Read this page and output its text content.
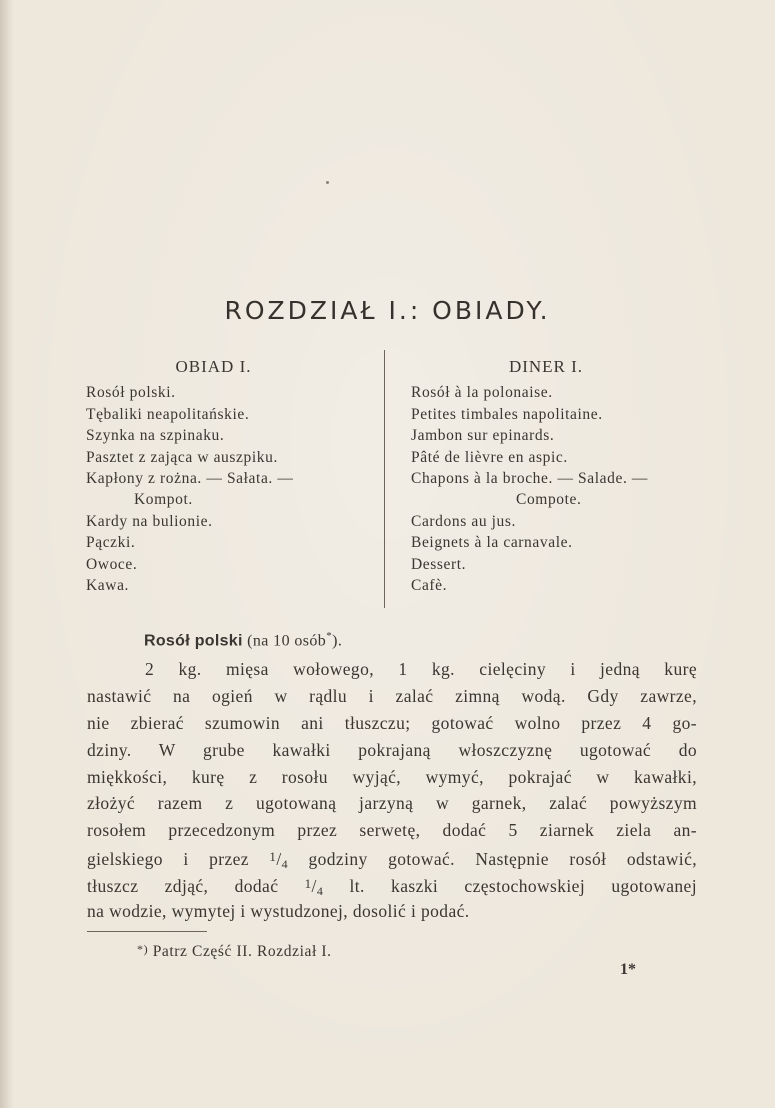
ROZDZIAŁ I.: OBIADY.
OBIAD I.
Rosół polski.
Tębaliki neapolitańskie.
Szynka na szpinaku.
Pasztet z zająca w auszpiku.
Kapłony z rożna. — Sałata. —
Kompot.
Kardy na bulionie.
Pączki.
Owoce.
Kawa.
DINER I.
Rosół à la polonaise.
Petites timbales napolitaine.
Jambon sur epinards.
Pâté de lièvre en aspic.
Chapons à la broche. — Salade. —
Compote.
Cardons au jus.
Beignets à la carnavale.
Dessert.
Cafè.
Rosół polski (na 10 osób*).
2 kg. mięsa wołowego, 1 kg. cielęciny i jedną kurę
nastawić na ogień w rądlu i zalać zimną wodą. Gdy zawrze,
nie zbierać szumowin ani tłuszczu; gotować wolno przez 4 go-
dziny. W grube kawałki pokrajaną włoszczyznę ugotować do
miękkości, kurę z rosołu wyjąć, wymyć, pokrajać w kawałki,
złożyć razem z ugotowaną jarzyną w garnek, zalać powyższym
rosołem przecedzonym przez serwetę, dodać 5 ziarnek ziela an-
gielskiego i przez $^1$/4 godziny gotować. Następnie rosół odstawić,
tłuszcz zdjąć, dodać $^1$/4 lt. kaszki częstochowskiej ugotowanej
na wodzie, wymytej i wystudzonej, dosolić i podać.
*) Patrz Część II. Rozdział I.
1*
